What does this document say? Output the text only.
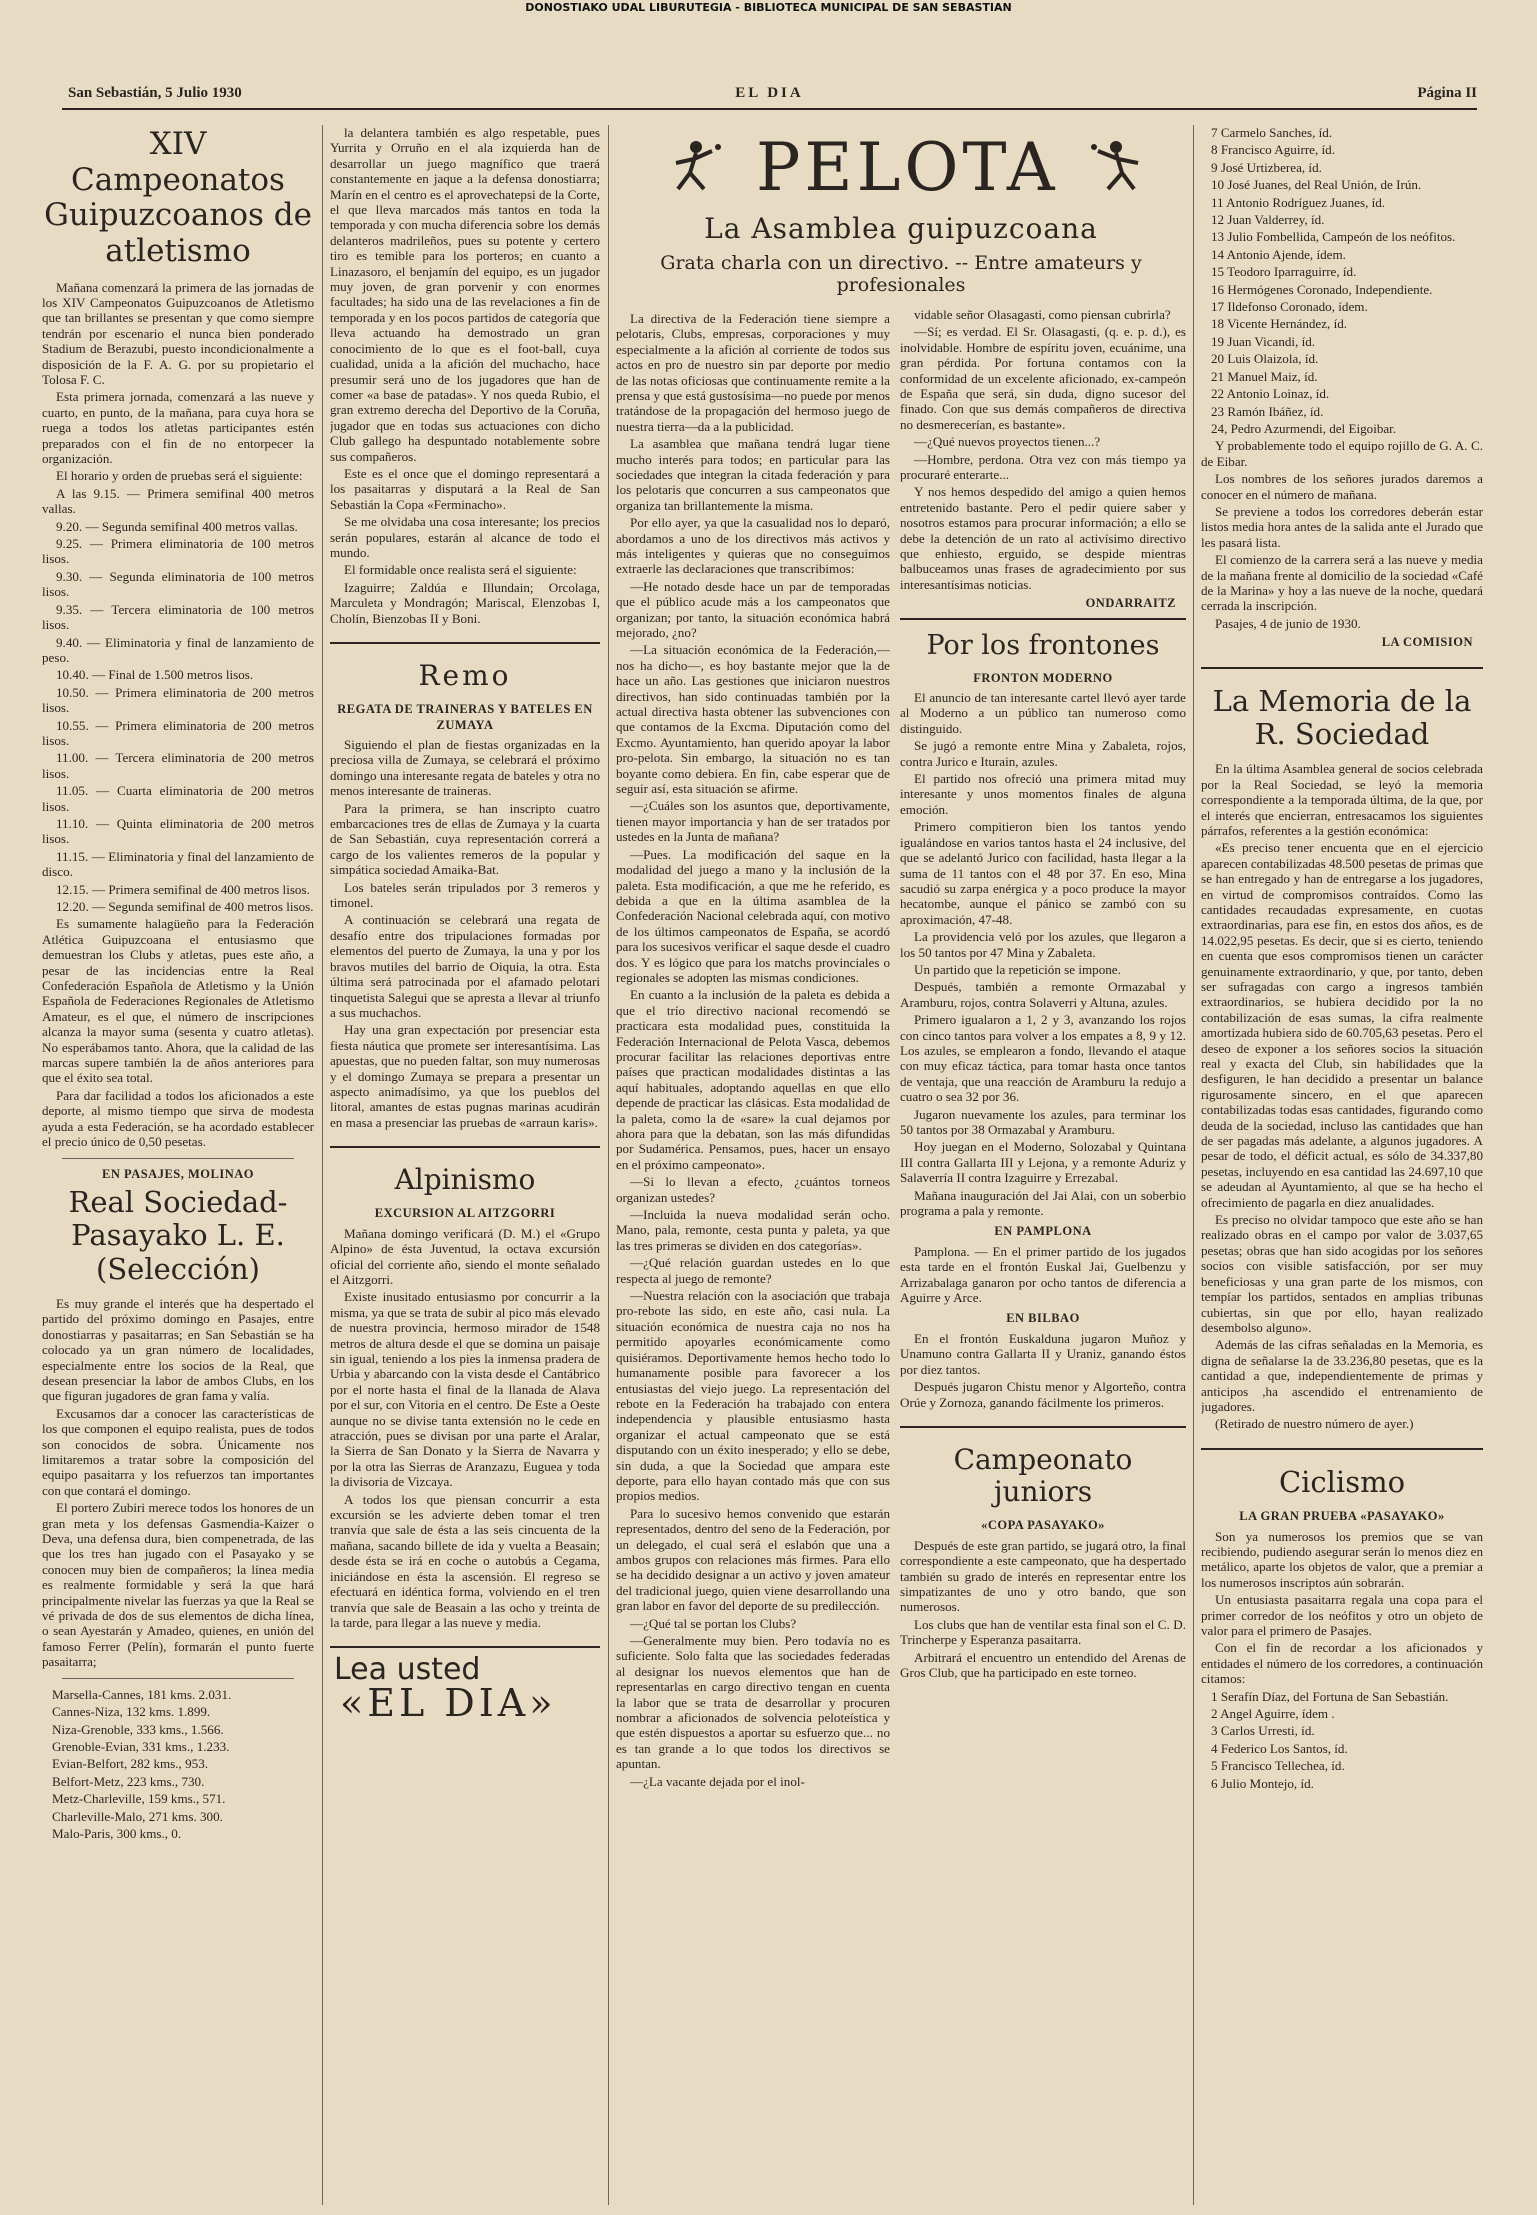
DONOSTIAKO UDAL LIBURUTEGIA - BIBLIOTECA MUNICIPAL DE SAN SEBASTIAN
San Sebastián, 5 Julio 1930	EL DIA	Página II
XIV Campeonatos Guipuzcoanos de atletismo

Mañana comenzará la primera de las jornadas de los XIV Campeonatos Guipuzcoanos de Atletismo que tan brillantes se presentan y que como siempre tendrán por escenario el nunca bien ponderado Stadium de Berazubi, puesto incondicionalmente a disposición de la F. A. G. por su propietario el Tolosa F. C.

Esta primera jornada, comenzará a las nueve y cuarto, en punto, de la mañana, para cuya hora se ruega a todos los atletas participantes estén preparados con el fin de no entorpecer la organización.

El horario y orden de pruebas será el siguiente:

A las 9.15. — Primera semifinal 400 metros vallas.

9.20. — Segunda semifinal 400 metros vallas.

9.25. — Primera eliminatoria de 100 metros lisos.

9.30. — Segunda eliminatoria de 100 metros lisos.

9.35. — Tercera eliminatoria de 100 metros lisos.

9.40. — Eliminatoria y final de lanzamiento de peso.

10.40. — Final de 1.500 metros lisos.

10.50. — Primera eliminatoria de 200 metros lisos.

10.55. — Primera eliminatoria de 200 metros lisos.

11.00. — Tercera eliminatoria de 200 metros lisos.

11.05. — Cuarta eliminatoria de 200 metros lisos.

11.10. — Quinta eliminatoria de 200 metros lisos.

11.15. — Eliminatoria y final del lanzamiento de disco.

12.15. — Primera semifinal de 400 metros lisos.

12.20. — Segunda semifinal de 400 metros lisos.

Es sumamente halagüeño para la Federación Atlética Guipuzcoana el entusiasmo que demuestran los Clubs y atletas, pues este año, a pesar de las incidencias entre la Real Confederación Española de Atletismo y la Unión Española de Federaciones Regionales de Atletismo Amateur, es el que, el número de inscripciones alcanza la mayor suma (sesenta y cuatro atletas). No esperábamos tanto. Ahora, que la calidad de las marcas supere también la de años anteriores para que el éxito sea total.

Para dar facilidad a todos los aficionados a este deporte, al mismo tiempo que sirva de modesta ayuda a esta Federación, se ha acordado establecer el precio único de 0,50 pesetas.

EN PASAJES, MOLINAO
Real Sociedad-Pasayako L. E. (Selección)

Es muy grande el interés que ha despertado el partido del próximo domingo en Pasajes, entre donostiarras y pasaitarras; en San Sebastián se ha colocado ya un gran número de localidades, especialmente entre los socios de la Real, que desean presenciar la labor de ambos Clubs, en los que figuran jugadores de gran fama y valía.

Excusamos dar a conocer las características de los que componen el equipo realista, pues de todos son conocidos de sobra. Únicamente nos limitaremos a tratar sobre la composición del equipo pasaitarra y los refuerzos tan importantes con que contará el domingo.

El portero Zubiri merece todos los honores de un gran meta y los defensas Gasmendia-Kaizer o Deva, una defensa dura, bien compenetrada, de las que los tres han jugado con el Pasayako y se conocen muy bien de compañeros; la línea media es realmente formidable y será la que hará principalmente nivelar las fuerzas ya que la Real se vé privada de dos de sus elementos de dicha línea, o sean Ayestarán y Amadeo, quienes, en unión del famoso Ferrer (Pelín), formarán el punto fuerte pasaitarra;

Marsella-Cannes, 181 kms. 2.031.

Cannes-Niza, 132 kms. 1.899.

Niza-Grenoble, 333 kms., 1.566.

Grenoble-Evian, 331 kms., 1.233.

Evian-Belfort, 282 kms., 953.

Belfort-Metz, 223 kms., 730.

Metz-Charleville, 159 kms., 571.

Charleville-Malo, 271 kms. 300.

Malo-Paris, 300 kms., 0.

la delantera también es algo respetable, pues Yurrita y Orruño en el ala izquierda han de desarrollar un juego magnífico que traerá constantemente en jaque a la defensa donostiarra; Marín en el centro es el aprovechatepsi de la Corte, el que lleva marcados más tantos en toda la temporada y con mucha diferencia sobre los demás delanteros madrileños, pues su potente y certero tiro es temible para los porteros; en cuanto a Linazasoro, el benjamín del equipo, es un jugador muy joven, de gran porvenir y con enormes facultades; ha sido una de las revelaciones a fin de temporada y en los pocos partidos de categoría que lleva actuando ha demostrado un gran conocimiento de lo que es el foot-ball, cuya cualidad, unida a la afición del muchacho, hace presumir será uno de los jugadores que han de comer «a base de patadas». Y nos queda Rubio, el gran extremo derecha del Deportivo de la Coruña, jugador que en todas sus actuaciones con dicho Club gallego ha despuntado notablemente sobre sus compañeros.

Este es el once que el domingo representará a los pasaitarras y disputará a la Real de San Sebastián la Copa «Ferminacho».

Se me olvidaba una cosa interesante; los precios serán populares, estarán al alcance de todo el mundo.

El formidable once realista será el siguiente:

Izaguirre; Zaldúa e Illundain; Orcolaga, Marculeta y Mondragón; Mariscal, Elenzobas I, Cholín, Bienzobas II y Boni.

Remo
REGATA DE TRAINERAS Y BATELES EN ZUMAYA

Siguiendo el plan de fiestas organizadas en la preciosa villa de Zumaya, se celebrará el próximo domingo una interesante regata de bateles y otra no menos interesante de traineras.

Para la primera, se han inscripto cuatro embarcaciones tres de ellas de Zumaya y la cuarta de San Sebastián, cuya representación correrá a cargo de los valientes remeros de la popular y simpática sociedad Amaika-Bat.

Los bateles serán tripulados por 3 remeros y timonel.

A continuación se celebrará una regata de desafío entre dos tripulaciones formadas por elementos del puerto de Zumaya, la una y por los bravos mutiles del barrio de Oiquia, la otra. Esta última será patrocinada por el afamado pelotari tinquetista Salegui que se apresta a llevar al triunfo a sus muchachos.

Hay una gran expectación por presenciar esta fiesta náutica que promete ser interesantísima. Las apuestas, que no pueden faltar, son muy numerosas y el domingo Zumaya se prepara a presentar un aspecto animadísimo, ya que los pueblos del litoral, amantes de estas pugnas marinas acudirán en masa a presenciar las pruebas de «arraun karis».

Alpinismo
EXCURSION AL AITZGORRI

Mañana domingo verificará (D. M.) el «Grupo Alpino» de ésta Juventud, la octava excursión oficial del corriente año, siendo el monte señalado el Aitzgorri.

Existe inusitado entusiasmo por concurrir a la misma, ya que se trata de subir al pico más elevado de nuestra provincia, hermoso mirador de 1548 metros de altura desde el que se domina un paisaje sin igual, teniendo a los pies la inmensa pradera de Urbia y abarcando con la vista desde el Cantábrico por el norte hasta el final de la llanada de Alava por el sur, con Vitoria en el centro. De Este a Oeste aunque no se divise tanta extensión no le cede en atracción, pues se divisan por una parte el Aralar, la Sierra de San Donato y la Sierra de Navarra y por la otra las Sierras de Aranzazu, Euguea y toda la divisoria de Vizcaya.

A todos los que piensan concurrir a esta excursión se les advierte deben tomar el tren tranvía que sale de ésta a las seis cincuenta de la mañana, sacando billete de ida y vuelta a Beasain; desde ésta se irá en coche o autobús a Cegama, iniciándose en ésta la ascensión. El regreso se efectuará en idéntica forma, volviendo en el tren tranvía que sale de Beasain a las ocho y treinta de la tarde, para llegar a las nueve y media.

Lea usted
«EL DIA»
PELOTA
La Asamblea guipuzcoana
Grata charla con un directivo. -- Entre amateurs y profesionales

La directiva de la Federación tiene siempre a pelotaris, Clubs, empresas, corporaciones y muy especialmente a la afición al corriente de todos sus actos en pro de nuestro sin par deporte por medio de las notas oficiosas que continuamente remite a la prensa y que está gustosísima—no puede por menos tratándose de la propagación del hermoso juego de nuestra tierra—da a la publicidad.

La asamblea que mañana tendrá lugar tiene mucho interés para todos; en particular para las sociedades que integran la citada federación y para los pelotaris que concurren a sus campeonatos que organiza tan brillantemente la misma.

Por ello ayer, ya que la casualidad nos lo deparó, abordamos a uno de los directivos más activos y más inteligentes y quieras que no conseguimos extraerle las declaraciones que transcribimos:

—He notado desde hace un par de temporadas que el público acude más a los campeonatos que organizan; por tanto, la situación económica habrá mejorado, ¿no?

—La situación económica de la Federación,—nos ha dicho—, es hoy bastante mejor que la de hace un año. Las gestiones que iniciaron nuestros directivos, han sido continuadas también por la actual directiva hasta obtener las subvenciones con que contamos de la Excma. Diputación como del Excmo. Ayuntamiento, han querido apoyar la labor pro-pelota. Sin embargo, la situación no es tan boyante como debiera. En fin, cabe esperar que de seguir así, esta situación se afirme.

—¿Cuáles son los asuntos que, deportivamente, tienen mayor importancia y han de ser tratados por ustedes en la Junta de mañana?

—Pues. La modificación del saque en la modalidad del juego a mano y la inclusión de la paleta. Esta modificación, a que me he referido, es debida a que en la última asamblea de la Confederación Nacional celebrada aquí, con motivo de los últimos campeonatos de España, se acordó para los sucesivos verificar el saque desde el cuadro dos. Y es lógico que para los matchs provinciales o regionales se adopten las mismas condiciones.

En cuanto a la inclusión de la paleta es debida a que el trío directivo nacional recomendó se practicara esta modalidad pues, constituida la Federación Internacional de Pelota Vasca, debemos procurar facilitar las relaciones deportivas entre países que practican modalidades distintas a las aquí habituales, adoptando aquellas en que ello depende de practicar las clásicas. Esta modalidad de la paleta, como la de «sare» la cual dejamos por ahora para que la debatan, son las más difundidas por Sudamérica. Pensamos, pues, hacer un ensayo en el próximo campeonato».

—Si lo llevan a efecto, ¿cuántos torneos organizan ustedes?

—Incluida la nueva modalidad serán ocho. Mano, pala, remonte, cesta punta y paleta, ya que las tres primeras se dividen en dos categorías».

—¿Qué relación guardan ustedes en lo que respecta al juego de remonte?

—Nuestra relación con la asociación que trabaja pro-rebote las sido, en este año, casi nula. La situación económica de nuestra caja no nos ha permitido apoyarles económicamente como quisiéramos. Deportivamente hemos hecho todo lo humanamente posible para favorecer a los entusiastas del viejo juego. La representación del rebote en la Federación ha trabajado con entera independencia y plausible entusiasmo hasta organizar el actual campeonato que se está disputando con un éxito inesperado; y ello se debe, sin duda, a que la Sociedad que ampara este deporte, para ello hayan contado más que con sus propios medios.

Para lo sucesivo hemos convenido que estarán representados, dentro del seno de la Federación, por un delegado, el cual será el eslabón que una a ambos grupos con relaciones más firmes. Para ello se ha decidido designar a un activo y joven amateur del tradicional juego, quien viene desarrollando una gran labor en favor del deporte de su predilección.

—¿Qué tal se portan los Clubs?

—Generalmente muy bien. Pero todavía no es suficiente. Solo falta que las sociedades federadas al designar los nuevos elementos que han de representarlas en cargo directivo tengan en cuenta la labor que se trata de desarrollar y procuren nombrar a aficionados de solvencia peloteística y que estén dispuestos a aportar su esfuerzo que... no es tan grande a lo que todos los directivos se apuntan.

—¿La vacante dejada por el inol-

vidable señor Olasagasti, como piensan cubrirla?

—Sí; es verdad. El Sr. Olasagasti, (q. e. p. d.), es inolvidable. Hombre de espíritu joven, ecuánime, una gran pérdida. Por fortuna contamos con la conformidad de un excelente aficionado, ex-campeón de España que será, sin duda, digno sucesor del finado. Con que sus demás compañeros de directiva no desmerecerían, es bastante».

—¿Qué nuevos proyectos tienen...?

—Hombre, perdona. Otra vez con más tiempo ya procuraré enterarte...

Y nos hemos despedido del amigo a quien hemos entretenido bastante. Pero el pedir quiere saber y nosotros estamos para procurar información; a ello se debe la detención de un rato al activísimo directivo que enhiesto, erguido, se despide mientras balbuceamos unas frases de agradecimiento por sus interesantísimas noticias.

ONDARRAITZ
Por los frontones
FRONTON MODERNO

El anuncio de tan interesante cartel llevó ayer tarde al Moderno a un público tan numeroso como distinguido.

Se jugó a remonte entre Mina y Zabaleta, rojos, contra Jurico e Iturain, azules.

El partido nos ofreció una primera mitad muy interesante y unos momentos finales de alguna emoción.

Primero compitieron bien los tantos yendo igualándose en varios tantos hasta el 24 inclusive, del que se adelantó Jurico con facilidad, hasta llegar a la suma de 11 tantos con el 48 por 37. En eso, Mina sacudió su zarpa enérgica y a poco produce la mayor hecatombe, aunque el pánico se zambó con su aproximación, 47-48.

La providencia veló por los azules, que llegaron a los 50 tantos por 47 Mina y Zabaleta.

Un partido que la repetición se impone.

Después, también a remonte Ormazabal y Aramburu, rojos, contra Solaverri y Altuna, azules.

Primero igualaron a 1, 2 y 3, avanzando los rojos con cinco tantos para volver a los empates a 8, 9 y 12. Los azules, se emplearon a fondo, llevando el ataque con muy eficaz táctica, para tomar hasta once tantos de ventaja, que una reacción de Aramburu la redujo a cuatro o sea 32 por 36.

Jugaron nuevamente los azules, para terminar los 50 tantos por 38 Ormazabal y Aramburu.

Hoy juegan en el Moderno, Solozabal y Quintana III contra Gallarta III y Lejona, y a remonte Aduriz y Salaverría II contra Izaguirre y Errezabal.

Mañana inauguración del Jai Alai, con un soberbio programa a pala y remonte.

EN PAMPLONA

Pamplona. — En el primer partido de los jugados esta tarde en el frontón Euskal Jai, Guelbenzu y Arrizabalaga ganaron por ocho tantos de diferencia a Aguirre y Arce.

EN BILBAO

En el frontón Euskalduna jugaron Muñoz y Unamuno contra Gallarta II y Uraniz, ganando éstos por diez tantos.

Después jugaron Chistu menor y Algorteño, contra Orúe y Zornoza, ganando fácilmente los primeros.

Campeonato juniors
«COPA PASAYAKO»

Después de este gran partido, se jugará otro, la final correspondiente a este campeonato, que ha despertado también su grado de interés en representar entre los simpatizantes de uno y otro bando, que son numerosos.

Los clubs que han de ventilar esta final son el C. D. Trincherpe y Esperanza pasaitarra.

Arbitrará el encuentro un entendido del Arenas de Gros Club, que ha participado en este torneo.

7 Carmelo Sanches, íd.

8 Francisco Aguirre, íd.

9 José Urtizberea, íd.

10 José Juanes, del Real Unión, de Irún.

11 Antonio Rodríguez Juanes, íd.

12 Juan Valderrey, íd.

13 Julio Fombellida, Campeón de los neófitos.

14 Antonio Ajende, ídem.

15 Teodoro Iparraguirre, íd.

16 Hermógenes Coronado, Independiente.

17 Ildefonso Coronado, ídem.

18 Vicente Hernández, íd.

19 Juan Vicandi, íd.

20 Luis Olaizola, íd.

21 Manuel Maiz, íd.

22 Antonio Loinaz, íd.

23 Ramón Ibáñez, íd.

24, Pedro Azurmendi, del Eigoibar.

Y probablemente todo el equipo rojillo de G. A. C. de Eibar.

Los nombres de los señores jurados daremos a conocer en el número de mañana.

Se previene a todos los corredores deberán estar listos media hora antes de la salida ante el Jurado que les pasará lista.

El comienzo de la carrera será a las nueve y media de la mañana frente al domicilio de la sociedad «Café de la Marina» y hoy a las nueve de la noche, quedará cerrada la inscripción.

Pasajes, 4 de junio de 1930.

LA COMISION
La Memoria de la R. Sociedad

En la última Asamblea general de socios celebrada por la Real Sociedad, se leyó la memoria correspondiente a la temporada última, de la que, por el interés que encierran, entresacamos los siguientes párrafos, referentes a la gestión económica:

«Es preciso tener encuenta que en el ejercicio aparecen contabilizadas 48.500 pesetas de primas que se han entregado y han de entregarse a los jugadores, en virtud de compromisos contraídos. Como las cantidades recaudadas expresamente, en cuotas extraordinarias, para ese fin, en estos dos años, es de 14.022,95 pesetas. Es decir, que si es cierto, teniendo en cuenta que esos compromisos tienen un carácter genuinamente extraordinario, y que, por tanto, deben ser sufragadas con cargo a ingresos también extraordinarios, se hubiera decidido por la no contabilización de esas sumas, la cifra realmente amortizada hubiera sido de 60.705,63 pesetas. Pero el deseo de exponer a los señores socios la situación real y exacta del Club, sin habilidades que la desfiguren, le han decidido a presentar un balance rigurosamente sincero, en el que aparecen contabilizadas todas esas cantidades, figurando como deuda de la sociedad, incluso las cantidades que han de ser pagadas más adelante, a algunos jugadores. A pesar de todo, el déficit actual, es sólo de 34.337,80 pesetas, incluyendo en esa cantidad las 24.697,10 que se adeudan al Ayuntamiento, al que se ha hecho el ofrecimiento de pagarla en diez anualidades.

Es preciso no olvidar tampoco que este año se han realizado obras en el campo por valor de 3.037,65 pesetas; obras que han sido acogidas por los señores socios con visible satisfacción, por ser muy beneficiosas y una gran parte de los mismos, con tempíar los partidos, sentados en amplias tribunas cubiertas, sin que por ello, hayan realizado desembolso alguno».

Además de las cifras señaladas en la Memoria, es digna de señalarse la de 33.236,80 pesetas, que es la cantidad a que, independientemente de primas y anticipos ,ha ascendido el entrenamiento de jugadores.

(Retirado de nuestro número de ayer.)

Ciclismo
LA GRAN PRUEBA «PASAYAKO»

Son ya numerosos los premios que se van recibiendo, pudiendo asegurar serán lo menos diez en metálico, aparte los objetos de valor, que a premiar a los numerosos inscriptos aún sobrarán.

Un entusiasta pasaitarra regala una copa para el primer corredor de los neófitos y otro un objeto de valor para el primero de Pasajes.

Con el fin de recordar a los aficionados y entidades el número de los corredores, a continuación citamos:

1 Serafín Díaz, del Fortuna de San Sebastián.

2 Angel Aguirre, ídem .

3 Carlos Urresti, íd.

4 Federico Los Santos, íd.

5 Francisco Tellechea, íd.

6 Julio Montejo, íd.
